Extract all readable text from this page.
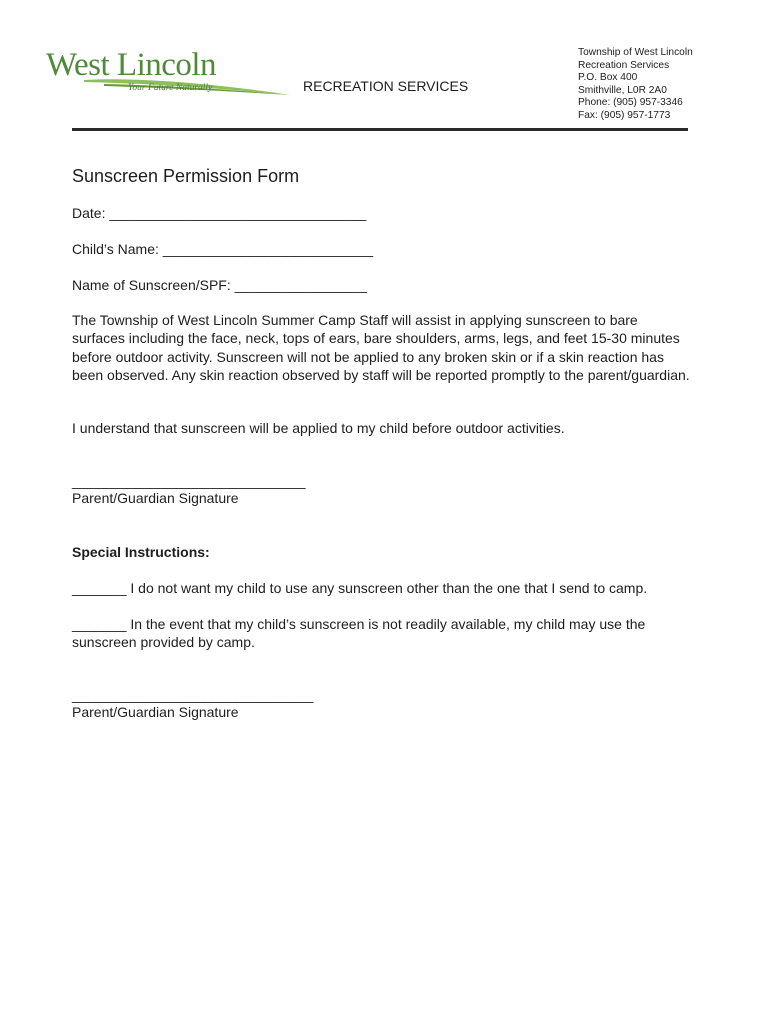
West Lincoln
Your Future Naturally	RECREATION SERVICES
Township of West Lincoln
Recreation Services
P.O. Box 400
Smithville, L0R 2A0
Phone: (905) 957-3346
Fax: (905) 957-1773
Sunscreen Permission Form
Date: _________________________________
Child’s Name: ___________________________
Name of Sunscreen/SPF: _________________
The Township of West Lincoln Summer Camp Staff will assist in applying sunscreen to bare surfaces including the face, neck, tops of ears, bare shoulders, arms, legs, and feet 15-30 minutes before outdoor activity. Sunscreen will not be applied to any broken skin or if a skin reaction has been observed. Any skin reaction observed by staff will be reported promptly to the parent/guardian.
I understand that sunscreen will be applied to my child before outdoor activities.
______________________________
Parent/Guardian Signature
Special Instructions:
_______ I do not want my child to use any sunscreen other than the one that I send to camp.
_______ In the event that my child’s sunscreen is not readily available, my child may use the sunscreen provided by camp.
_______________________________
Parent/Guardian Signature
